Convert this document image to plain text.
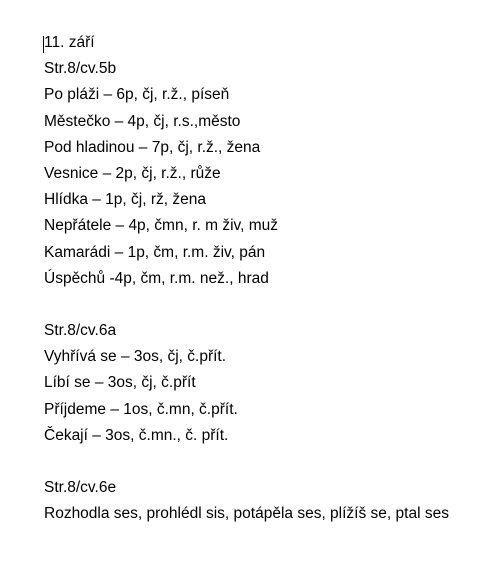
11. září
Str.8/cv.5b
Po pláži – 6p, čj, r.ž., píseň
Městečko – 4p, čj, r.s.,město
Pod hladinou – 7p, čj, r.ž., žena
Vesnice – 2p, čj, r.ž., růže
Hlídka – 1p, čj, rž, žena
Nepřátele – 4p, čmn, r. m živ, muž
Kamarádi – 1p, čm, r.m. živ, pán
Úspěchů -4p, čm, r.m. než., hrad
Str.8/cv.6a
Vyhřívá se – 3os, čj, č.přít.
Líbí se – 3os, čj, č.přít
Příjdeme – 1os, č.mn, č.přít.
Čekají – 3os, č.mn., č. přít.
Str.8/cv.6e
Rozhodla ses, prohlédl sis, potápěla ses, plížíš se, ptal ses
